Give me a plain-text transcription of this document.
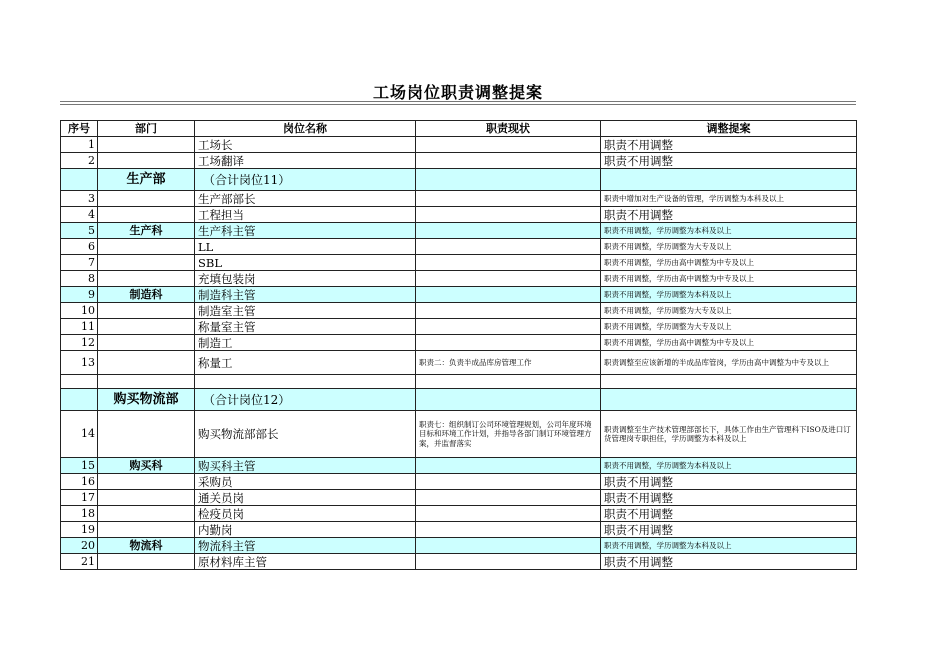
工场岗位职责调整提案
序号	部门	岗位名称	职责现状	调整提案
1		工场长		职责不用调整
2		工场翻译		职责不用调整
	生产部	（合计岗位11）		
3		生产部部长		职责中增加对生产设备的管理，学历调整为本科及以上
4		工程担当		职责不用调整
5	生产科	生产科主管		职责不用调整，学历调整为本科及以上
6		LL		职责不用调整，学历调整为大专及以上
7		SBL		职责不用调整，学历由高中调整为中专及以上
8		充填包装岗		职责不用调整，学历由高中调整为中专及以上
9	制造科	制造科主管		职责不用调整，学历调整为本科及以上
10		制造室主管		职责不用调整，学历调整为大专及以上
11		称量室主管		职责不用调整，学历调整为大专及以上
12		制造工		职责不用调整，学历由高中调整为中专及以上
13		称量工	职责二：负责半成品库房管理工作	职责调整至应该新增的半成品库管岗，学历由高中调整为中专及以上

	购买物流部	（合计岗位12）		
14		购买物流部部长	职责七：组织制订公司环境管理规划，公司年度环境目标和环境工作计划，并指导各部门制订环境管理方案，并监督落实	职责调整至生产技术管理部部长下，具体工作由生产管理科下ISO及进口订货管理岗专职担任，学历调整为本科及以上
15	购买科	购买科主管		职责不用调整，学历调整为本科及以上
16		采购员		职责不用调整
17		通关员岗		职责不用调整
18		检疫员岗		职责不用调整
19		内勤岗		职责不用调整
20	物流科	物流科主管		职责不用调整，学历调整为本科及以上
21		原材料库主管		职责不用调整
